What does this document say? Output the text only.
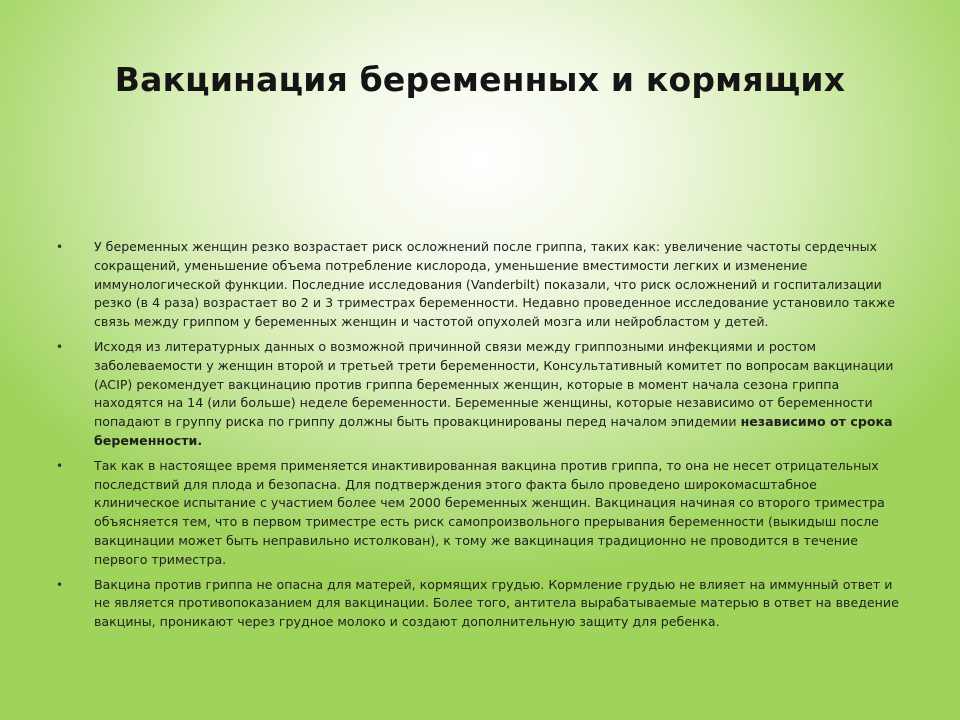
Вакцинация беременных и кормящих
• У беременных женщин резко возрастает риск осложнений после гриппа, таких как: увеличение частоты сердечных сокращений, уменьшение объема потребление кислорода, уменьшение вместимости легких и изменение иммунологической функции. Последние исследования (Vanderbilt) показали, что риск осложнений и госпитализации резко (в 4 раза) возрастает во 2 и 3 триместрах беременности. Недавно проведенное исследование установило также связь между гриппом у беременных женщин и частотой опухолей мозга или нейробластом у детей.
• Исходя из литературных данных о возможной причинной связи между гриппозными инфекциями и ростом заболеваемости у женщин второй и третьей трети беременности, Консультативный комитет по вопросам вакцинации (ACIP) рекомендует вакцинацию против гриппа беременных женщин, которые в момент начала сезона гриппа находятся на 14 (или больше) неделе беременности. Беременные женщины, которые независимо от беременности попадают в группу риска по гриппу должны быть провакцинированы перед началом эпидемии независимо от срока беременности.
• Так как в настоящее время применяется инактивированная вакцина против гриппа, то она не несет отрицательных последствий для плода и безопасна. Для подтверждения этого факта было проведено широкомасштабное клиническое испытание с участием более чем 2000 беременных женщин. Вакцинация начиная со второго триместра объясняется тем, что в первом триместре есть риск самопроизвольного прерывания беременности (выкидыш после вакцинации может быть неправильно истолкован), к тому же вакцинация традиционно не проводится в течение первого триместра.
• Вакцина против гриппа не опасна для матерей, кормящих грудью. Кормление грудью не влияет на иммунный ответ и не является противопоказанием для вакцинации. Более того, антитела вырабатываемые матерью в ответ на введение вакцины, проникают через грудное молоко и создают дополнительную защиту для ребенка.
